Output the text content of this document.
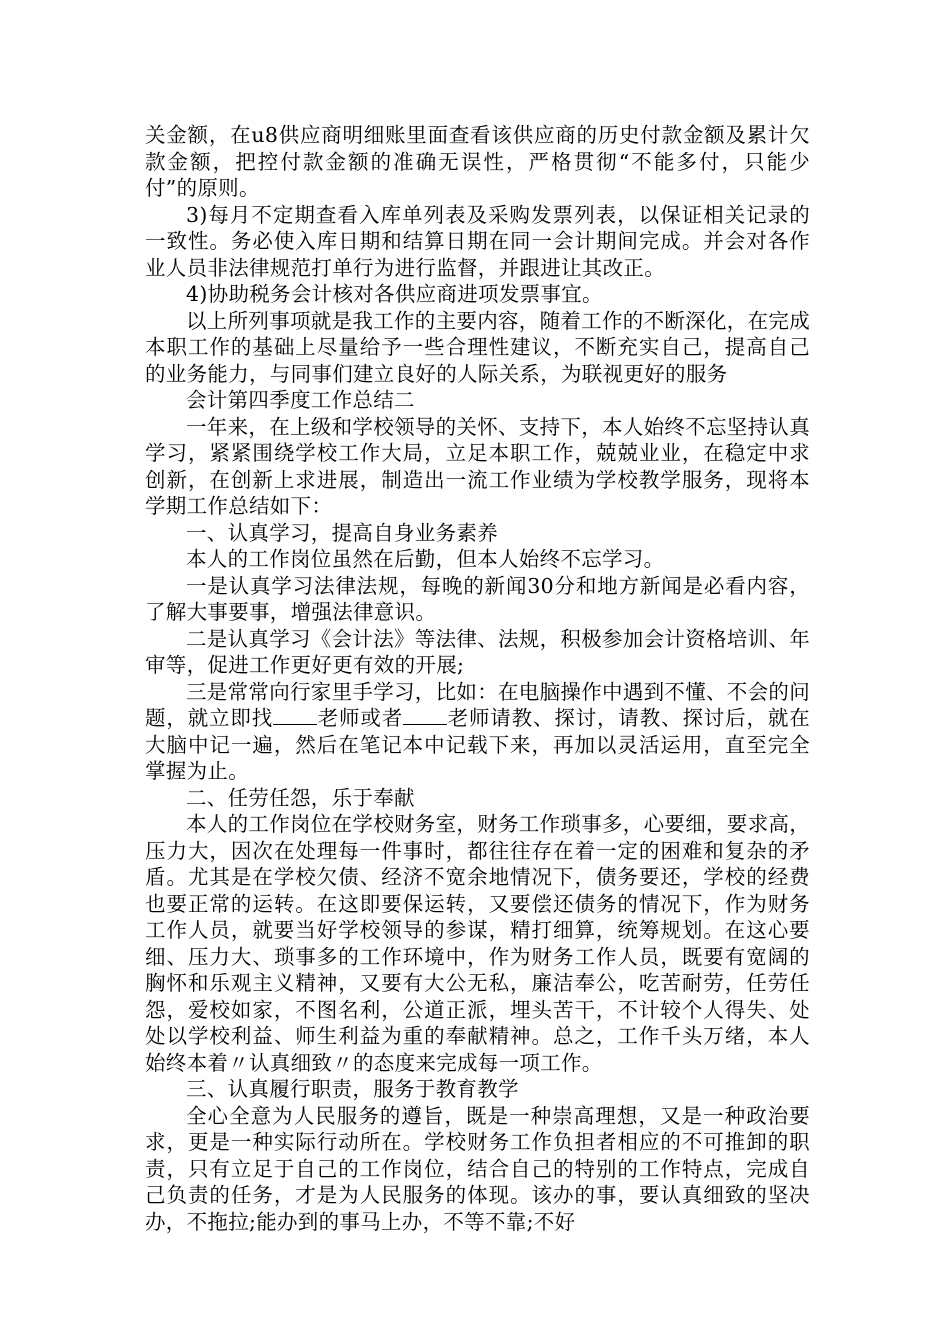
关金额，在u8供应商明细账里面查看该供应商的历史付款金额及累计欠款金额，把控付款金额的准确无误性，严格贯彻“不能多付，只能少付”的原则。

3)每月不定期查看入库单列表及采购发票列表，以保证相关记录的一致性。务必使入库日期和结算日期在同一会计期间完成。并会对各作业人员非法律规范打单行为进行监督，并跟进让其改正。

4)协助税务会计核对各供应商进项发票事宜。

以上所列事项就是我工作的主要内容，随着工作的不断深化，在完成本职工作的基础上尽量给予一些合理性建议，不断充实自己，提高自己的业务能力，与同事们建立良好的人际关系，为联视更好的服务

会计第四季度工作总结二

一年来，在上级和学校领导的关怀、支持下，本人始终不忘坚持认真学习，紧紧围绕学校工作大局，立足本职工作，兢兢业业，在稳定中求创新，在创新上求进展，制造出一流工作业绩为学校教学服务，现将本学期工作总结如下：

一、认真学习，提高自身业务素养

本人的工作岗位虽然在后勤，但本人始终不忘学习。

一是认真学习法律法规，每晚的新闻30分和地方新闻是必看内容，了解大事要事，增强法律意识。

二是认真学习《会计法》等法律、法规，积极参加会计资格培训、年审等，促进工作更好更有效的开展;

三是常常向行家里手学习，比如：在电脑操作中遇到不懂、不会的问题，就立即找 老师或者 老师请教、探讨，请教、探讨后，就在大脑中记一遍，然后在笔记本中记载下来，再加以灵活运用，直至完全掌握为止。

二、任劳任怨，乐于奉献

本人的工作岗位在学校财务室，财务工作琐事多，心要细，要求高，压力大，因次在处理每一件事时，都往往存在着一定的困难和复杂的矛盾。尤其是在学校欠债、经济不宽余地情况下，债务要还，学校的经费也要正常的运转。在这即要保运转，又要偿还债务的情况下，作为财务工作人员，就要当好学校领导的参谋，精打细算，统筹规划。在这心要细、压力大、琐事多的工作环境中，作为财务工作人员，既要有宽阔的胸怀和乐观主义精神，又要有大公无私，廉洁奉公，吃苦耐劳，任劳任怨，爱校如家，不图名利，公道正派，埋头苦干，不计较个人得失、处处以学校利益、师生利益为重的奉献精神。总之，工作千头万绪，本人始终本着〃认真细致〃的态度来完成每一项工作。

三、认真履行职责，服务于教育教学

全心全意为人民服务的遵旨，既是一种崇高理想，又是一种政治要求，更是一种实际行动所在。学校财务工作负担者相应的不可推卸的职责，只有立足于自己的工作岗位，结合自己的特别的工作特点，完成自己负责的任务，才是为人民服务的体现。该办的事，要认真细致的坚决办，不拖拉;能办到的事马上办，不等不靠;不好
